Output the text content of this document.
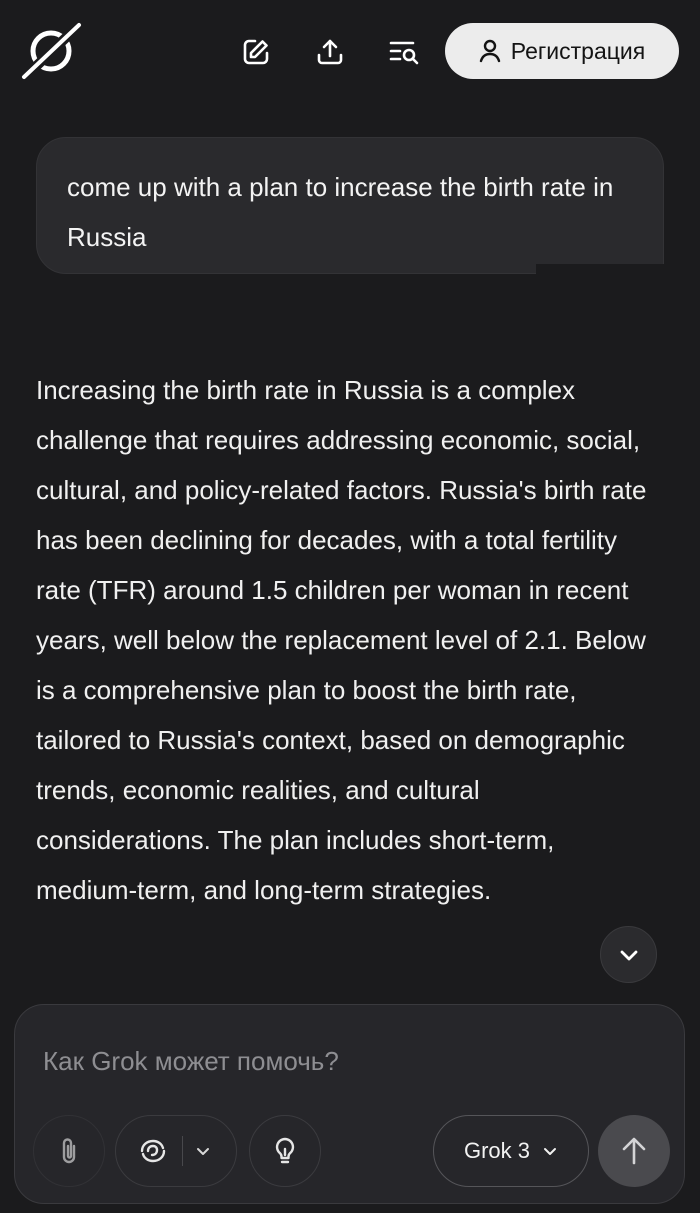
Регистрация
come up with a plan to increase the birth rate in Russia

Increasing the birth rate in Russia is a complex challenge that requires addressing economic, social, cultural, and policy-related factors. Russia's birth rate has been declining for decades, with a total fertility rate (TFR) around 1.5 children per woman in recent years, well below the replacement level of 2.1. Below is a comprehensive plan to boost the birth rate, tailored to Russia's context, based on demographic trends, economic realities, and cultural considerations. The plan includes short-term, medium-term, and long-term strategies.

Как Grok может помочь?
Grok 3
